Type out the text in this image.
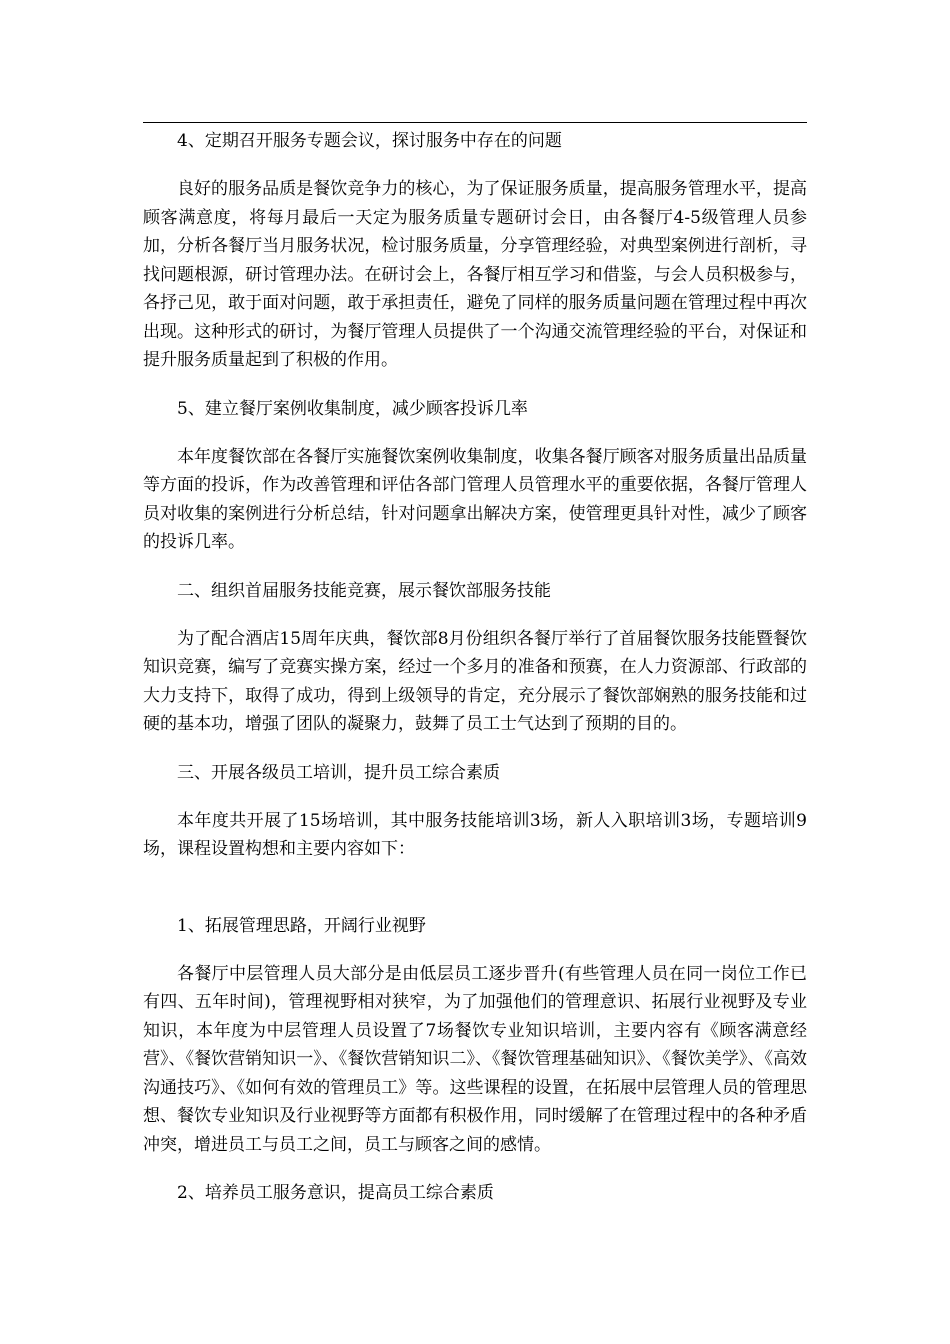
4、定期召开服务专题会议，探讨服务中存在的问题

良好的服务品质是餐饮竞争力的核心，为了保证服务质量，提高服务管理水平，提高顾客满意度，将每月最后一天定为服务质量专题研讨会日，由各餐厅4-5级管理人员参加，分析各餐厅当月服务状况，检讨服务质量，分享管理经验，对典型案例进行剖析，寻找问题根源，研讨管理办法。在研讨会上，各餐厅相互学习和借鉴，与会人员积极参与，各抒己见，敢于面对问题，敢于承担责任，避免了同样的服务质量问题在管理过程中再次出现。这种形式的研讨，为餐厅管理人员提供了一个沟通交流管理经验的平台，对保证和提升服务质量起到了积极的作用。

5、建立餐厅案例收集制度，减少顾客投诉几率

本年度餐饮部在各餐厅实施餐饮案例收集制度，收集各餐厅顾客对服务质量出品质量等方面的投诉，作为改善管理和评估各部门管理人员管理水平的重要依据，各餐厅管理人员对收集的案例进行分析总结，针对问题拿出解决方案，使管理更具针对性，减少了顾客的投诉几率。

二、组织首届服务技能竞赛，展示餐饮部服务技能

为了配合酒店15周年庆典，餐饮部8月份组织各餐厅举行了首届餐饮服务技能暨餐饮知识竞赛，编写了竞赛实操方案，经过一个多月的准备和预赛，在人力资源部、行政部的大力支持下，取得了成功，得到上级领导的肯定，充分展示了餐饮部娴熟的服务技能和过硬的基本功，增强了团队的凝聚力，鼓舞了员工士气达到了预期的目的。

三、开展各级员工培训，提升员工综合素质

本年度共开展了15场培训，其中服务技能培训3场，新人入职培训3场，专题培训9场，课程设置构想和主要内容如下：

1、拓展管理思路，开阔行业视野

各餐厅中层管理人员大部分是由低层员工逐步晋升(有些管理人员在同一岗位工作已有四、五年时间)，管理视野相对狭窄，为了加强他们的管理意识、拓展行业视野及专业知识，本年度为中层管理人员设置了7场餐饮专业知识培训，主要内容有《顾客满意经营》、《餐饮营销知识一》、《餐饮营销知识二》、《餐饮管理基础知识》、《餐饮美学》、《高效沟通技巧》、《如何有效的管理员工》等。这些课程的设置，在拓展中层管理人员的管理思想、餐饮专业知识及行业视野等方面都有积极作用，同时缓解了在管理过程中的各种矛盾冲突，增进员工与员工之间，员工与顾客之间的感情。

2、培养员工服务意识，提高员工综合素质
